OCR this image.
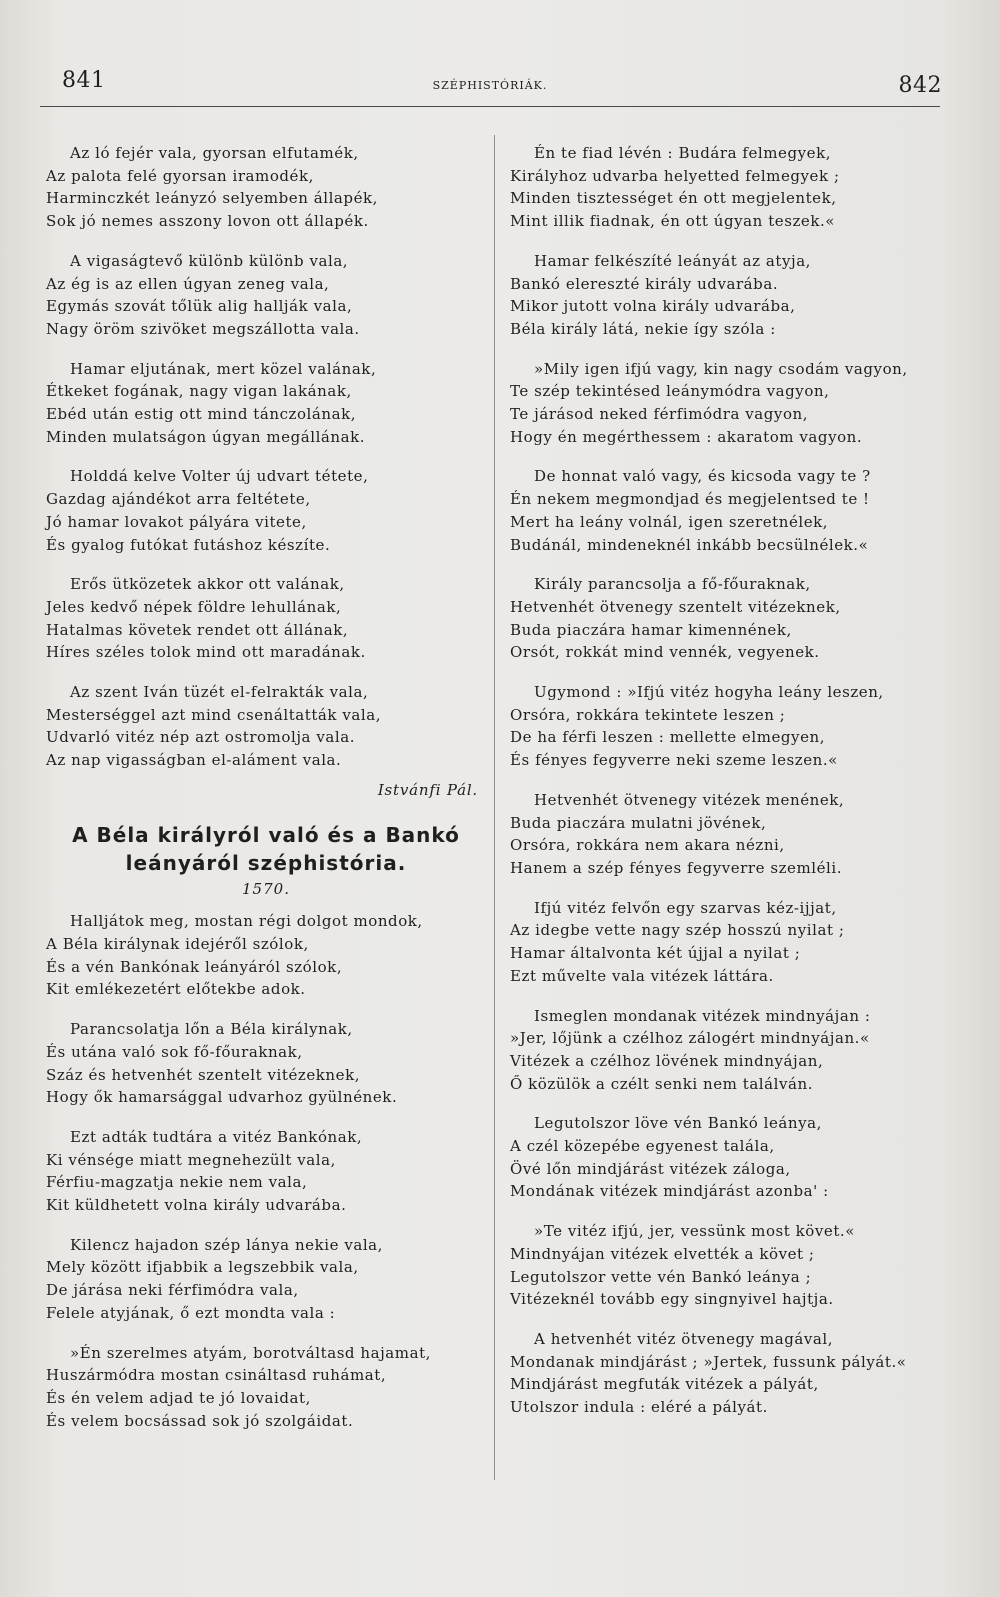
841	SZÉPHISTÓRIÁK.	842
Az ló fejér vala, gyorsan elfutamék,
Az palota felé gyorsan iramodék,
Harminczkét leányzó selyemben állapék,
Sok jó nemes asszony lovon ott állapék.
A vigaságtevő különb különb vala,
Az ég is az ellen úgyan zeneg vala,
Egymás szovát tőlük alig hallják vala,
Nagy öröm szivöket megszállotta vala.
Hamar eljutának, mert közel valának,
Étkeket fogának, nagy vigan lakának,
Ebéd után estig ott mind tánczolának,
Minden mulatságon úgyan megállának.
Holddá kelve Volter új udvart tétete,
Gazdag ajándékot arra feltétete,
Jó hamar lovakot pályára vitete,
És gyalog futókat futáshoz készíte.
Erős ütközetek akkor ott valának,
Jeles kedvő népek földre lehullának,
Hatalmas követek rendet ott állának,
Híres széles tolok mind ott maradának.
Az szent Iván tüzét el-felrakták vala,
Mesterséggel azt mind csenáltatták vala,
Udvarló vitéz nép azt ostromolja vala.
Az nap vigasságban el-aláment vala.
Istvánfi Pál.
A Béla királyról való és a Bankó
leányáról széphistória.
1570.
Halljátok meg, mostan régi dolgot mondok,
A Béla királynak idejéről szólok,
És a vén Bankónak leányáról szólok,
Kit emlékezetért előtekbe adok.
Parancsolatja lőn a Béla királynak,
És utána való sok fő-főuraknak,
Száz és hetvenhét szentelt vitézeknek,
Hogy ők hamarsággal udvarhoz gyülnének.
Ezt adták tudtára a vitéz Bankónak,
Ki vénsége miatt megnehezült vala,
Férfiu-magzatja nekie nem vala,
Kit küldhetett volna király udvarába.
Kilencz hajadon szép lánya nekie vala,
Mely között ifjabbik a legszebbik vala,
De járása neki férfimódra vala,
Felele atyjának, ő ezt mondta vala :
»Én szerelmes atyám, borotváltasd hajamat,
Huszármódra mostan csináltasd ruhámat,
És én velem adjad te jó lovaidat,
És velem bocsássad sok jó szolgáidat.
Én te fiad lévén : Budára felmegyek,
Királyhoz udvarba helyetted felmegyek ;
Minden tisztességet én ott megjelentek,
Mint illik fiadnak, én ott úgyan teszek.«
Hamar felkészíté leányát az atyja,
Bankó elereszté király udvarába.
Mikor jutott volna király udvarába,
Béla király látá, nekie így szóla :
»Mily igen ifjú vagy, kin nagy csodám vagyon,
Te szép tekintésed leánymódra vagyon,
Te járásod neked férfimódra vagyon,
Hogy én megérthessem : akaratom vagyon.
De honnat való vagy, és kicsoda vagy te ?
Én nekem megmondjad és megjelentsed te !
Mert ha leány volnál, igen szeretnélek,
Budánál, mindeneknél inkább becsülnélek.«
Király parancsolja a fő-főuraknak,
Hetvenhét ötvenegy szentelt vitézeknek,
Buda piaczára hamar kimennének,
Orsót, rokkát mind vennék, vegyenek.
Ugymond : »Ifjú vitéz hogyha leány leszen,
Orsóra, rokkára tekintete leszen ;
De ha férfi leszen : mellette elmegyen,
És fényes fegyverre neki szeme leszen.«
Hetvenhét ötvenegy vitézek menének,
Buda piaczára mulatni jövének,
Orsóra, rokkára nem akara nézni,
Hanem a szép fényes fegyverre szemléli.
Ifjú vitéz felvőn egy szarvas kéz-ijjat,
Az idegbe vette nagy szép hosszú nyilat ;
Hamar általvonta két újjal a nyilat ;
Ezt művelte vala vitézek láttára.
Ismeglen mondanak vitézek mindnyájan :
»Jer, lőjünk a czélhoz zálogért mindnyájan.«
Vitézek a czélhoz lövének mindnyájan,
Ő közülök a czélt senki nem találván.
Legutolszor löve vén Bankó leánya,
A czél közepébe egyenest talála,
Övé lőn mindjárást vitézek záloga,
Mondának vitézek mindjárást azonba' :
»Te vitéz ifjú, jer, vessünk most követ.«
Mindnyájan vitézek elvették a követ ;
Legutolszor vette vén Bankó leánya ;
Vitézeknél tovább egy singnyivel hajtja.
A hetvenhét vitéz ötvenegy magával,
Mondanak mindjárást ; »Jertek, fussunk pályát.«
Mindjárást megfuták vitézek a pályát,
Utolszor indula : eléré a pályát.
